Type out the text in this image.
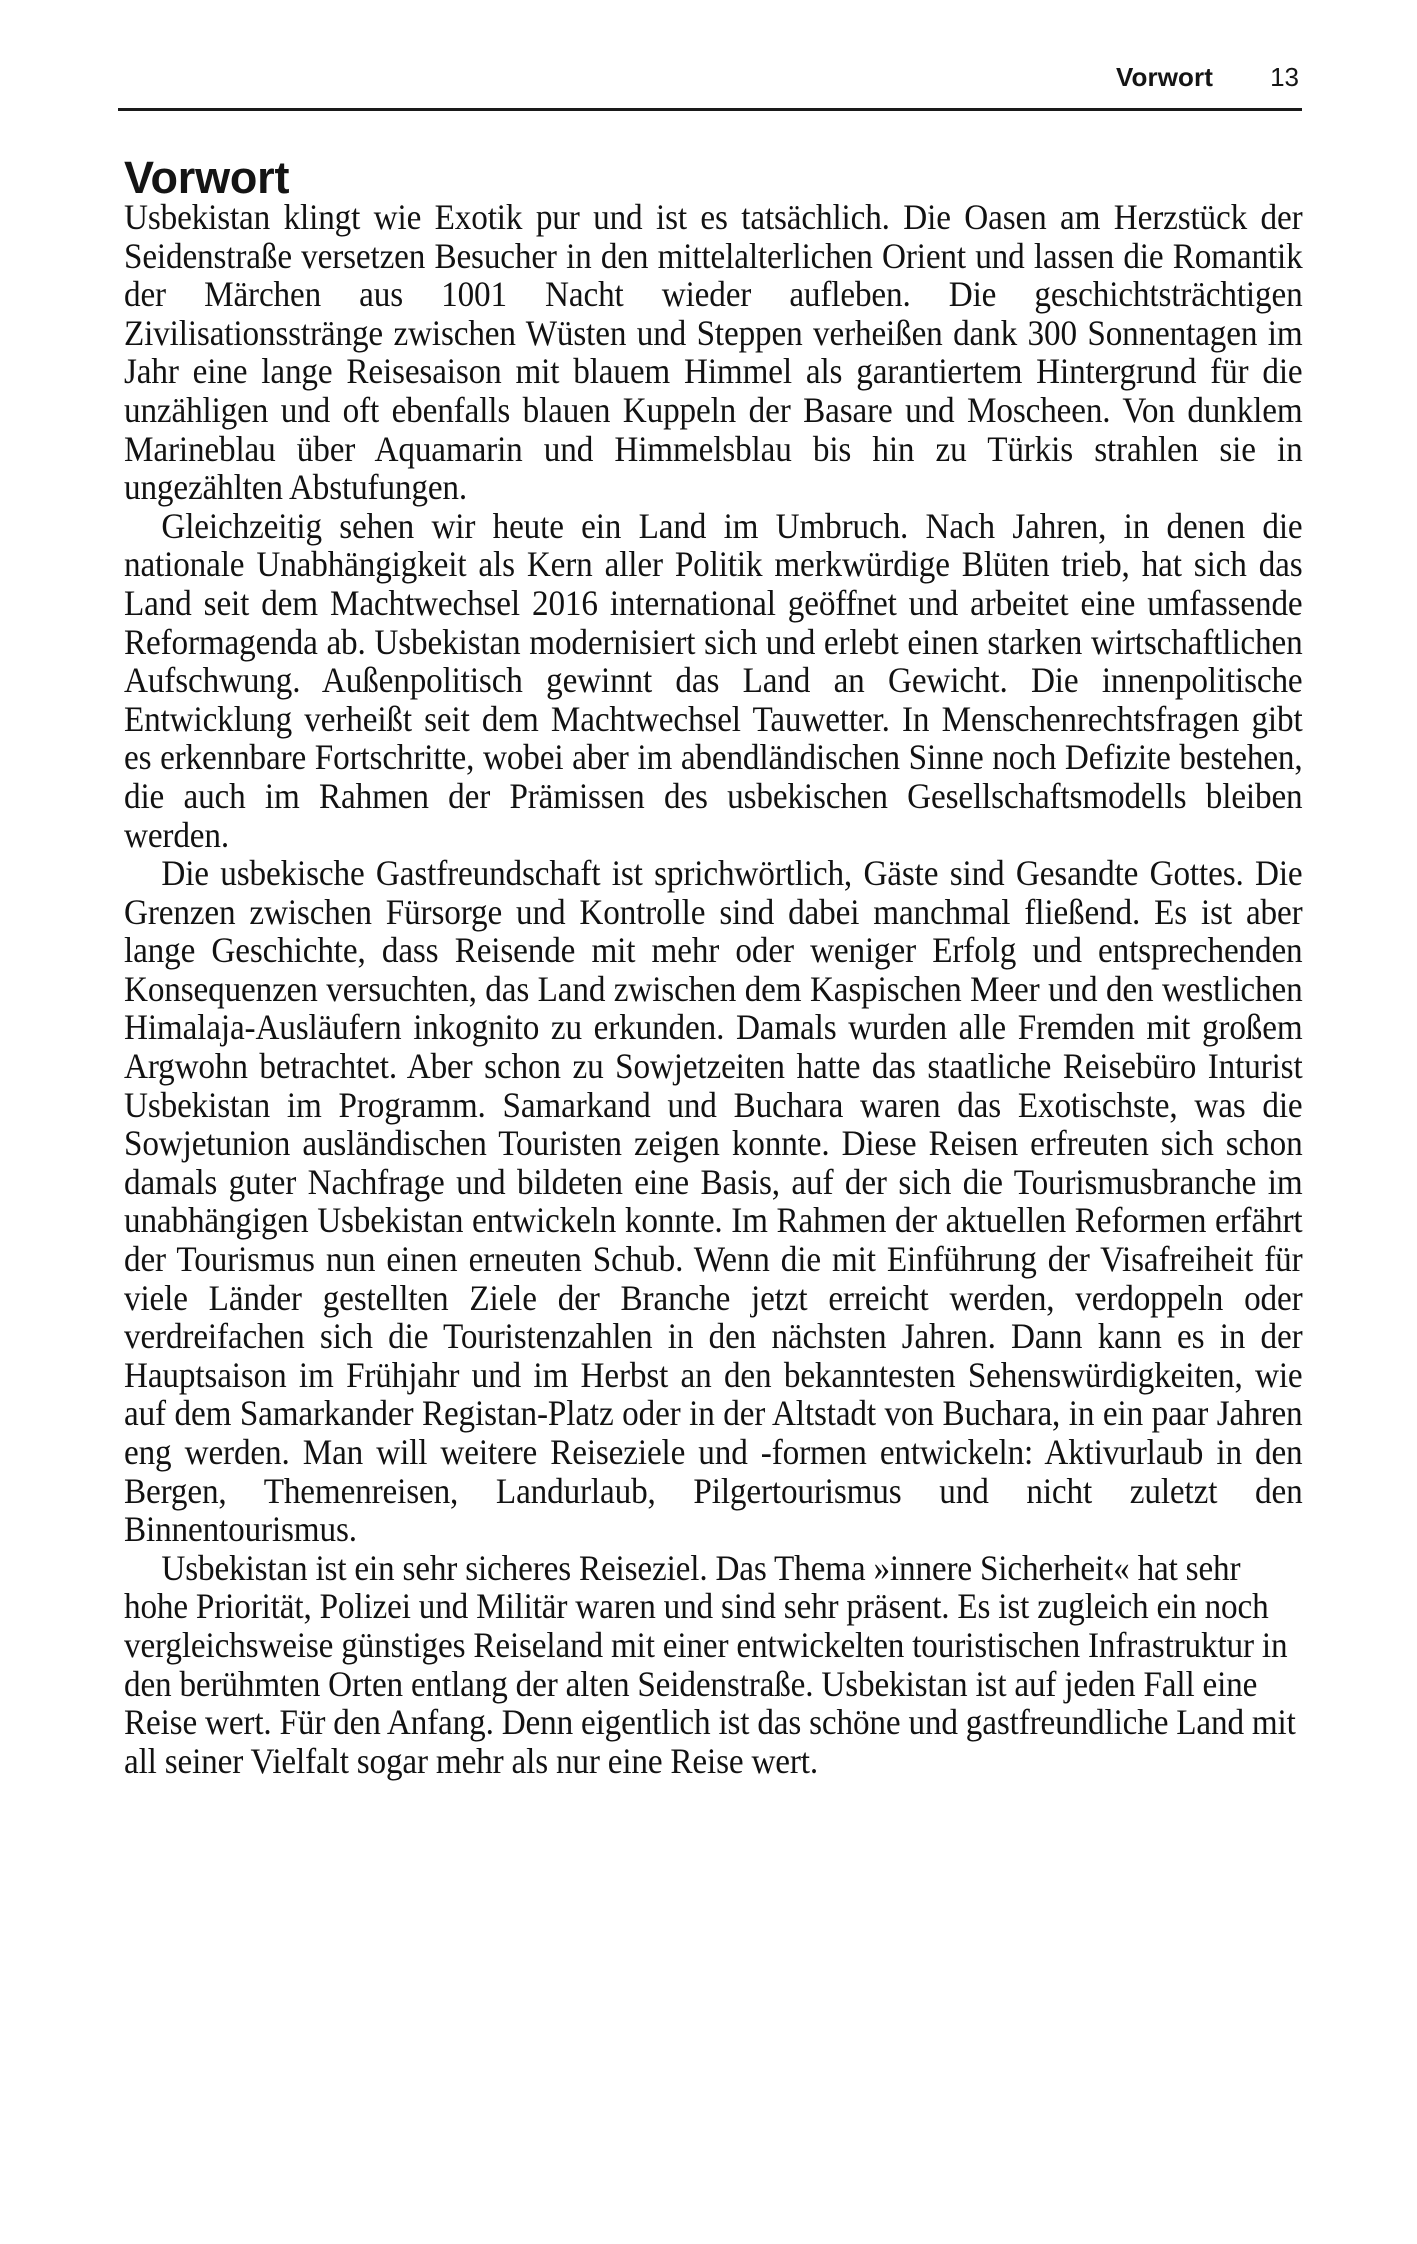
Vorwort	13
Vorwort

Usbekistan klingt wie Exotik pur und ist es tatsächlich. Die Oasen am Herzstück der Seidenstraße versetzen Besucher in den mittelalterlichen Orient und lassen die Romantik der Märchen aus 1001 Nacht wieder aufleben. Die geschichtsträchtigen Zivilisationsstränge zwischen Wüsten und Steppen verheißen dank 300 Sonnentagen im Jahr eine lange Reisesaison mit blauem Himmel als garantiertem Hintergrund für die unzähligen und oft ebenfalls blauen Kuppeln der Basare und Moscheen. Von dunklem Marineblau über Aquamarin und Himmelsblau bis hin zu Türkis strahlen sie in ungezählten Abstufungen.

Gleichzeitig sehen wir heute ein Land im Umbruch. Nach Jahren, in denen die nationale Unabhängigkeit als Kern aller Politik merkwürdige Blüten trieb, hat sich das Land seit dem Machtwechsel 2016 international geöffnet und arbeitet eine umfassende Reformagenda ab. Usbekistan modernisiert sich und erlebt einen starken wirtschaftlichen Aufschwung. Außenpolitisch gewinnt das Land an Gewicht. Die innenpolitische Entwicklung verheißt seit dem Machtwechsel Tauwetter. In Menschenrechtsfragen gibt es erkennbare Fortschritte, wobei aber im abendländischen Sinne noch Defizite bestehen, die auch im Rahmen der Prämissen des usbekischen Gesellschaftsmodells bleiben werden.

Die usbekische Gastfreundschaft ist sprichwörtlich, Gäste sind Gesandte Gottes. Die Grenzen zwischen Fürsorge und Kontrolle sind dabei manchmal fließend. Es ist aber lange Geschichte, dass Reisende mit mehr oder weniger Erfolg und entsprechenden Konsequenzen versuchten, das Land zwischen dem Kaspischen Meer und den westlichen Himalaja-Ausläufern inkognito zu erkunden. Damals wurden alle Fremden mit großem Argwohn betrachtet. Aber schon zu Sowjetzeiten hatte das staatliche Reisebüro Inturist Usbekistan im Programm. Samarkand und Buchara waren das Exotischste, was die Sowjetunion ausländischen Touristen zeigen konnte. Diese Reisen erfreuten sich schon damals guter Nachfrage und bildeten eine Basis, auf der sich die Tourismusbranche im unabhängigen Usbekistan entwickeln konnte. Im Rahmen der aktuellen Reformen erfährt der Tourismus nun einen erneuten Schub. Wenn die mit Einführung der Visafreiheit für viele Länder gestellten Ziele der Branche jetzt erreicht werden, verdoppeln oder verdreifachen sich die Touristenzahlen in den nächsten Jahren. Dann kann es in der Hauptsaison im Frühjahr und im Herbst an den bekanntesten Sehenswürdigkeiten, wie auf dem Samarkander Registan-Platz oder in der Altstadt von Buchara, in ein paar Jahren eng werden. Man will weitere Reiseziele und -formen entwickeln: Aktivurlaub in den Bergen, Themenreisen, Landurlaub, Pilgertourismus und nicht zuletzt den Binnentourismus.

Usbekistan ist ein sehr sicheres Reiseziel. Das Thema »innere Sicherheit« hat sehr hohe Priorität, Polizei und Militär waren und sind sehr präsent. Es ist zugleich ein noch vergleichsweise günstiges Reiseland mit einer entwickelten touristischen Infrastruktur in den berühmten Orten entlang der alten Seidenstraße. Usbekistan ist auf jeden Fall eine Reise wert. Für den Anfang. Denn eigentlich ist das schöne und gastfreundliche Land mit all seiner Vielfalt sogar mehr als nur eine Reise wert.
